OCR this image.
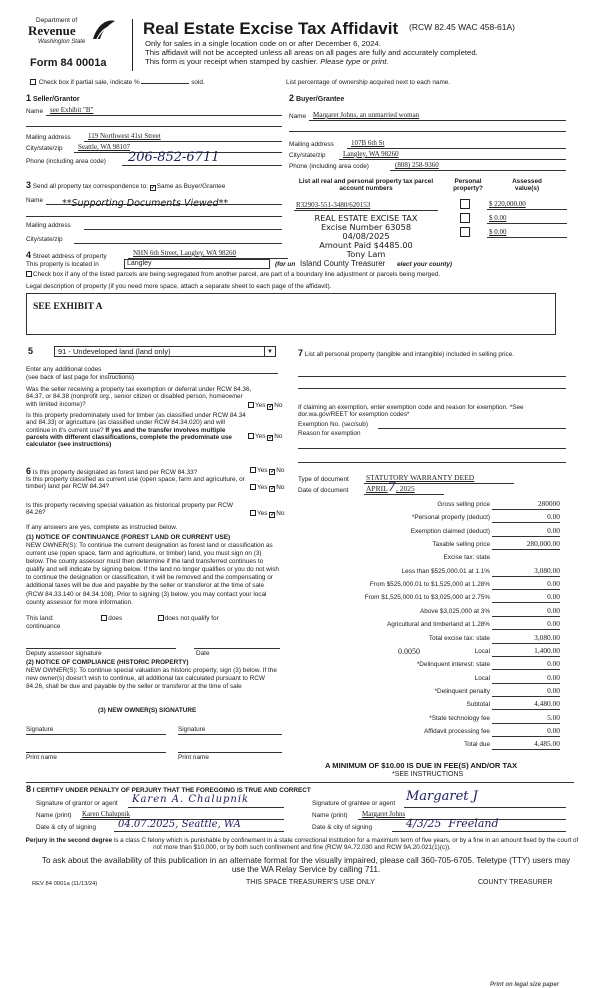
Department of
Revenue
Washington State
Form 84 0001a
Real Estate Excise Tax Affidavit (RCW 82.45 WAC 458-61A)
Only for sales in a single location code on or after December 6, 2024.
This affidavit will not be accepted unless all areas on all pages are fully and accurately completed.
This form is your receipt when stamped by cashier. Please type or print.
Check box if partial sale, indicate %	sold.	List percentage of ownership acquired next to each name.
1 Seller/Grantor
Name see Exhibit "B"
Mailing address 119 Northwest 41st Street
City/state/zip Seattle, WA 98107
Phone (including area code) 206-852-6711
2 Buyer/Grantee
Name Margaret Johns, an unmarried woman
Mailing address 107B 6th St
City/state/zip Langley, WA 98260
Phone (including area code)	(808) 258-9360
3 Send all property tax correspondence to: ✓Same as Buyer/Grantee
Name **Supporting Documents Viewed**
Mailing address
City/state/zip
List all real and personal property tax parcel account numbers
Personal property?
Assessed value(s)
R32903-551-3480/620153	$ 220,000.00
$ 0.00
$ 0.00
REAL ESTATE EXCISE TAX
Excise Number 63058
04/08/2025
Amount Paid $4485.00
Tony Lam
4 Street address of property	NHN 6th Street, Langley, WA 98260
This property is located in	Langley	(for un Island County Treasurer elect your county)
Check box if any of the listed parcels are being segregated from another parcel, are part of a boundary line adjustment or parcels being merged.
Legal description of property (if you need more space, attach a separate sheet to each page of the affidavit).
SEE EXHIBIT A
5	91 - Undeveloped land (land only)	▼
Enter any additional codes
(see back of last page for instructions)
Was the seller receiving a property tax exemption or deferral under RCW 84.36, 84.37, or 84.38 (nonprofit org., senior citizen or disabled person, homeowner with limited income)?	Yes ✓No
Is this property predominately used for timber (as classified under RCW 84.34 and 84.33) or agriculture (as classified under RCW 84.34.020) and will continue in it's current use? If yes and the transfer involves multiple parcels with different classifications, complete the predominate use calculator (see instructions)
Yes ✓No
6 Is this property designated as forest land per RCW 84.33?	Yes ✓No
Is this property classified as current use (open space, farm and agriculture, or timber) land per RCW 84.34?	Yes ✓No
Is this property receiving special valuation as historical property per RCW 84.26?	Yes ✓No
If any answers are yes, complete as instructed below.
(1) NOTICE OF CONTINUANCE (FOREST LAND OR CURRENT USE)
NEW OWNER(S): To continue the current designation as forest land or classification as current use (open space, farm and agriculture, or timber) land, you must sign on (3) below. The county assessor must then determine if the land transferred continues to qualify and will indicate by signing below. If the land no longer qualifies or you do not wish to continue the designation or classification, it will be removed and the compensating or additional taxes will be due and payable by the seller or transferor at the time of sale (RCW 84.33.140 or 84.34.108). Prior to signing (3) below, you may contact your local county assessor for more information.
This land:	does	does not qualify for
continuance
Deputy assessor signature	Date
(2) NOTICE OF COMPLIANCE (HISTORIC PROPERTY)
NEW OWNER(S): To continue special valuation as historic property, sign (3) below. If the new owner(s) doesn't wish to continue, all additional tax calculated pursuant to RCW 84.26, shall be due and payable by the seller or transferor at the time of sale
(3) NEW OWNER(S) SIGNATURE
Signature	Signature
Print name	Print name
7 List all personal property (tangible and intangible) included in selling price.
If claiming an exemption, enter exemption code and reason for exemption. *See dor.wa.gov/REET for exemption codes*
Exemption No. (sec/sub)
Reason for exemption
Type of document STATUTORY WARRANTY DEED
Date of document APRIL7, 2025
Gross selling price	280000
*Personal property (deduct)	0.00
Exemption claimed (deduct)	0.00
Taxable selling price	280,000.00
Excise tax: state
Less than $525,000.01 at 1.1%	3,080.00
From $525,000.01 to $1,525,000 at 1.28%	0.00
From $1,525,000.01 to $3,025,000 at 2.75%	0.00
Above $3,025,000 at 3%	0.00
Agricultural and timberland at 1.28%	0.00
Total excise tax: state	3,080.00
Local
0.0050	1,400.00
*Delinquent interest: state	0.00
Local	0.00
*Delinquent penalty	0.00
Subtotal	4,480.00
*State technology fee	5.00
Affidavit processing fee	0.00
Total due	4,485.00
A MINIMUM OF $10.00 IS DUE IN FEE(S) AND/OR TAX
*SEE INSTRUCTIONS
8 I CERTIFY UNDER PENALTY OF PERJURY THAT THE FOREGOING IS TRUE AND CORRECT
Signature of grantor or agent Karen A. Chalupnik
Name (print) Karen Chalupnik
Date & city of signing 04.07.2025, Seattle, WA
Signature of grantee or agent Margaret J
Name (print) Margaret Johns
Date & city of signing	4/3/25  Freeland
Perjury in the second degree is a class C felony which is punishable by confinement in a state correctional institution for a maximum term of five years, or by a fine in an amount fixed by the court of not more than $10,000, or by both such confinement and fine (RCW 9A.72.030 and RCW 9A.20.021(1)(c)).
To ask about the availability of this publication in an alternate format for the visually impaired, please call 360-705-6705. Teletype (TTY) users may use the WA Relay Service by calling 711.
REV 84 0001a (11/13/24)	THIS SPACE TREASURER'S USE ONLY	COUNTY TREASURER
Print on legal size paper
